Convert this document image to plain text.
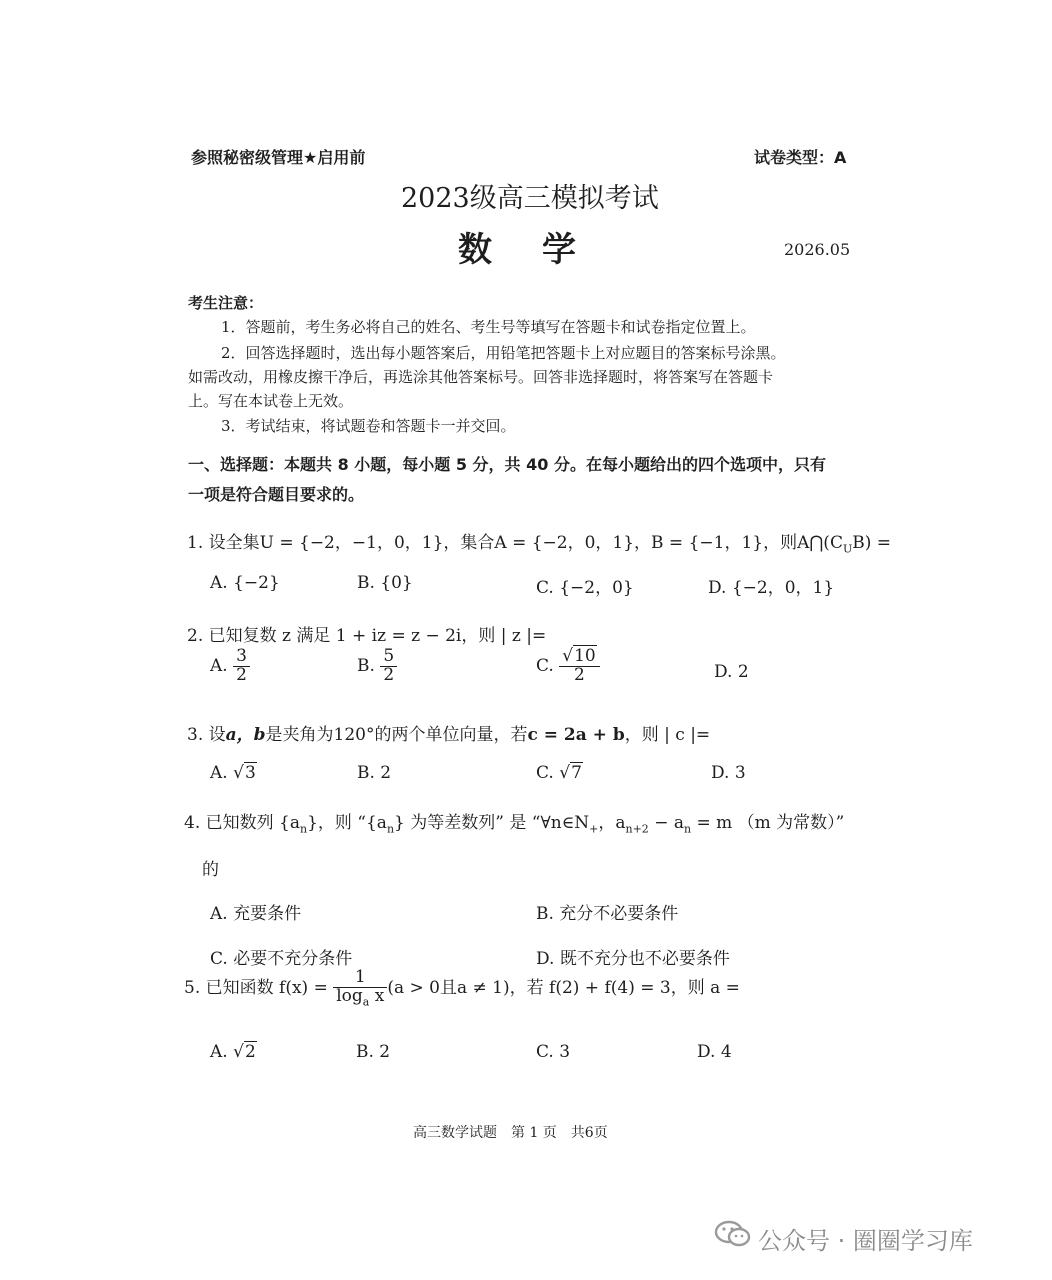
参照秘密级管理★启用前	试卷类型：A
2023级高三模拟考试
数　学	2026.05
考生注意：
1．答题前，考生务必将自己的姓名、考生号等填写在答题卡和试卷指定位置上。
2．回答选择题时，选出每小题答案后，用铅笔把答题卡上对应题目的答案标号涂黑。
如需改动，用橡皮擦干净后，再选涂其他答案标号。回答非选择题时，将答案写在答题卡
上。写在本试卷上无效。
3．考试结束，将试题卷和答题卡一并交回。
一、选择题：本题共 8 小题，每小题 5 分，共 40 分。在每小题给出的四个选项中，只有
一项是符合题目要求的。
1. 设全集U = {−2，−1，0，1}，集合A = {−2，0，1}，B = {−1，1}，则$A⋂(C_UB)$ =
A. {−2}	B. {0}	C. {−2，0}	D. {−2，0，1}
2. 已知复数 z 满足 1 + iz = z − 2i，则 | z |=
A. $\frac{3}{2}$	B. $\frac{5}{2}$	C. $\frac{√10}{2}$	D. 2
3. 设a，b是夹角为120°的两个单位向量，若c = 2a + b，则 | c |=
A. √3	B. 2	C. √7	D. 3
4. 已知数列 $\{a_n\}$，则 “$\{a_n\}$ 为等差数列” 是 “$\forall n\in N_+$，$a_{n+2} - a_n = m$ （m 为常数）”
的
A. 充要条件	B. 充分不必要条件
C. 必要不充分条件	D. 既不充分也不必要条件
5. 已知函数 $f(x) = \frac{1}{\log_a x} (a > 0$且a ≠ 1)，若 f(2) + f(4) = 3，则 a =
A. √2	B. 2	C. 3	D. 4
高三数学试题　第 1 页　共6页
公众号 · 圈圈学习库
